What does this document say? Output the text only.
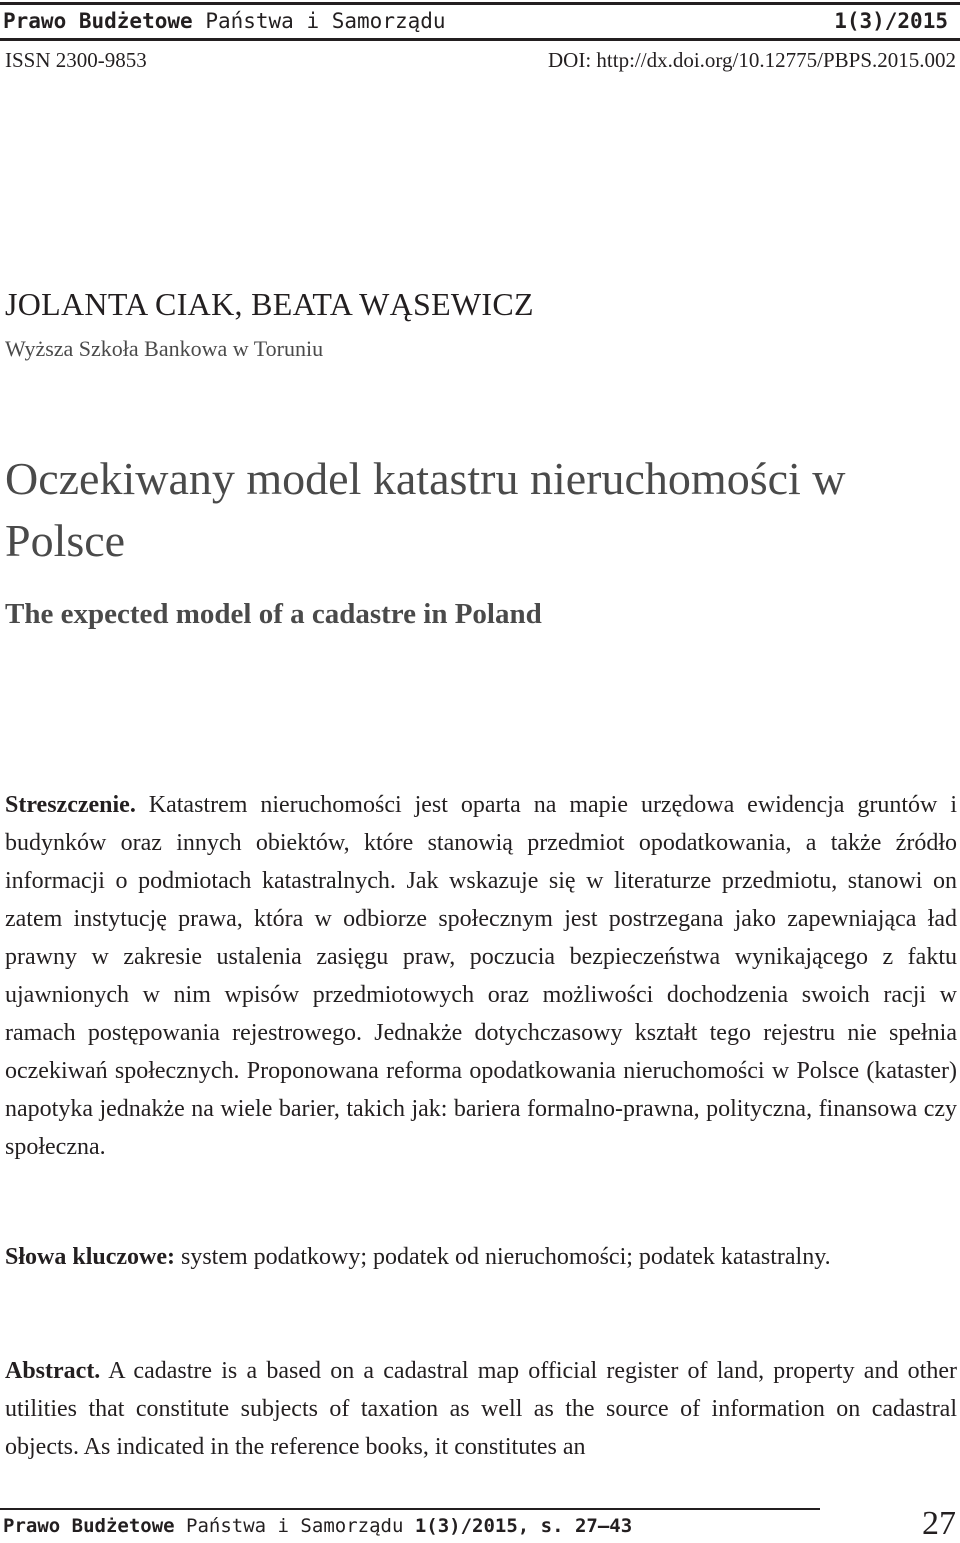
Prawo Budżetowe Państwa i Samorządu	1(3)/2015
ISSN 2300-9853	DOI: http://dx.doi.org/10.12775/PBPS.2015.002
JOLANTA CIAK, BEATA WĄSEWICZ
Wyższa Szkoła Bankowa w Toruniu
Oczekiwany model katastru nieruchomości w Polsce
The expected model of a cadastre in Poland

Streszczenie. Katastrem nieruchomości jest oparta na mapie urzędowa ewidencja gruntów i budynków oraz innych obiektów, które stanowią przedmiot opodatkowania, a także źródło informacji o podmiotach katastralnych. Jak wskazuje się w literaturze przedmiotu, stanowi on zatem instytucję prawa, która w odbiorze społecznym jest postrzegana jako zapewniająca ład prawny w zakresie ustalenia zasięgu praw, poczucia bezpieczeństwa wynikającego z faktu ujawnionych w nim wpisów przedmiotowych oraz możliwości dochodzenia swoich racji w ramach postępowania rejestrowego. Jednakże dotychczasowy kształt tego rejestru nie spełnia oczekiwań społecznych. Proponowana reforma opodatkowania nieruchomości w Polsce (kataster) napotyka jednakże na wiele barier, takich jak: bariera formalno-prawna, polityczna, finansowa czy społeczna.

Słowa kluczowe: system podatkowy; podatek od nieruchomości; podatek katastralny.

Abstract. A cadastre is a based on a cadastral map official register of land, property and other utilities that constitute subjects of taxation as well as the source of information on cadastral objects. As indicated in the reference books, it constitutes an

Prawo Budżetowe Państwa i Samorządu 1(3)/2015, s. 27–43	27
